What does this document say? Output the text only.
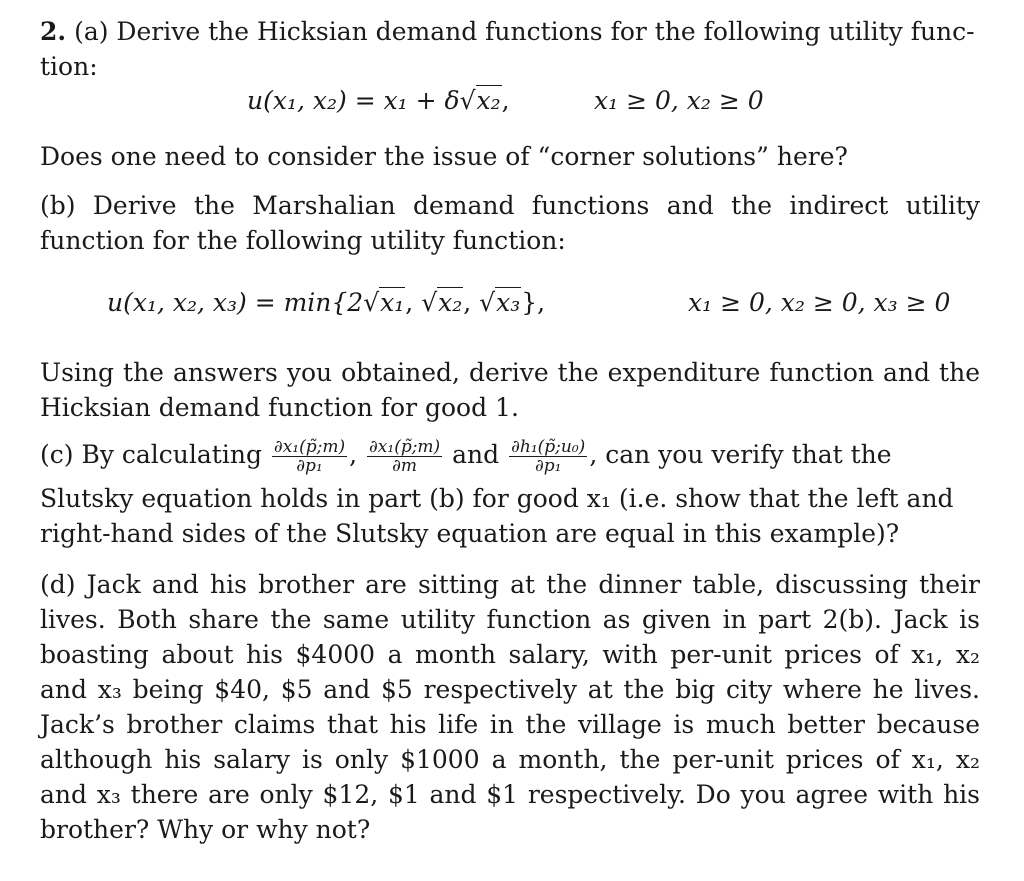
2. (a) Derive the Hicksian demand functions for the following utility func-

tion:

u(x₁, x₂) = x₁ + δ√x₂,	x₁ ≥ 0, x₂ ≥ 0

Does one need to consider the issue of “corner solutions” here?

(b) Derive the Marshalian demand functions and the indirect utility function for the following utility function:

u(x₁, x₂, x₃) = min{2√x₁, √x₂, √x₃},	x₁ ≥ 0, x₂ ≥ 0, x₃ ≥ 0

Using the answers you obtained, derive the expenditure function and the Hicksian demand function for good 1.

(c) By calculating $\frac{\text{∂x₁(p̃;m)}}{\text{∂p₁}}$ , $\frac{\text{∂x₁(p̃;m)}}{\partial m}$ and $\frac{\text{∂h₁(p̃;u₀)}}{\text{∂p₁}}$ , can you verify that the

Slutsky equation holds in part (b) for good x₁ (i.e. show that the left and

right-hand sides of the Slutsky equation are equal in this example)?

(d) Jack and his brother are sitting at the dinner table, discussing their lives. Both share the same utility function as given in part 2(b). Jack is boasting about his $4000 a month salary, with per-unit prices of x₁, x₂ and x₃ being $40, $5 and $5 respectively at the big city where he lives. Jack’s brother claims that his life in the village is much better because although his salary is only $1000 a month, the per-unit prices of x₁, x₂ and x₃ there are only $12, $1 and $1 respectively. Do you agree with his brother? Why or why not?
